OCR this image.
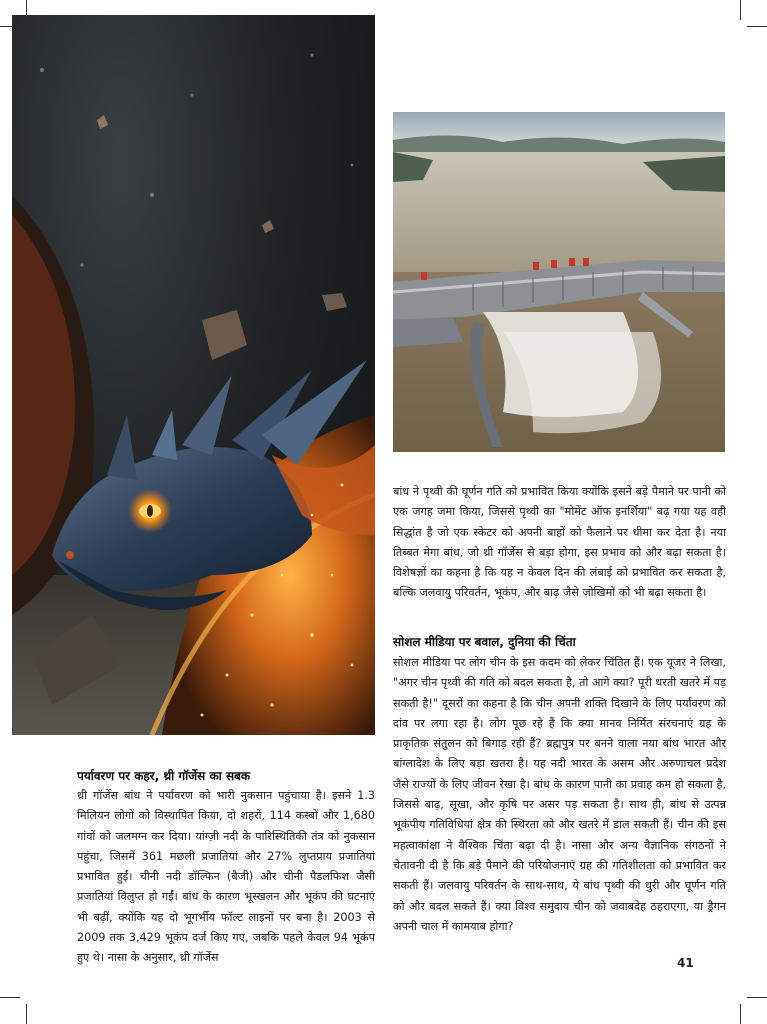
बांध ने पृथ्वी की घूर्णन गति को प्रभावित किया क्योंकि इसने बड़े पैमाने पर पानी को एक जगह जमा किया, जिससे पृथ्वी का "मोमेंट ऑफ इनर्शिया" बढ़ गया यह वही सिद्धांत है जो एक स्केटर को अपनी बाहों को फैलाने पर धीमा कर देता है। नया तिब्बत मेगा बांध, जो थ्री गॉर्जेस से बड़ा होगा, इस प्रभाव को और बढ़ा सकता है। विशेषज्ञों का कहना है कि यह न केवल दिन की लंबाई को प्रभावित कर सकता है, बल्कि जलवायु परिवर्तन, भूकंप, और बाढ़ जैसे जोखिमों को भी बढ़ा सकता है।

सोशल मीडिया पर बवाल, दुनिया की चिंता

सोशल मीडिया पर लोग चीन के इस कदम को लेकर चिंतित हैं। एक यूजर ने लिखा, "अगर चीन पृथ्वी की गति को बदल सकता है, तो आगे क्या? पूरी धरती खतरे में पड़ सकती है!" दूसरों का कहना है कि चीन अपनी शक्ति दिखाने के लिए पर्यावरण को दांव पर लगा रहा है। लोग पूछ रहे हैं कि क्या मानव निर्मित संरचनाएं ग्रह के प्राकृतिक संतुलन को बिगाड़ रही हैं? ब्रह्मपुत्र पर बनने वाला नया बांध भारत और बांग्लादेश के लिए बड़ा खतरा है। यह नदी भारत के असम और अरुणाचल प्रदेश जैसे राज्यों के लिए जीवन रेखा है। बांध के कारण पानी का प्रवाह कम हो सकता है, जिससे बाढ़, सूखा, और कृषि पर असर पड़ सकता है। साथ ही, बांध से उत्पन्न भूकंपीय गतिविधियां क्षेत्र की स्थिरता को और खतरे में डाल सकती हैं। चीन की इस महत्वाकांक्षा ने वैश्विक चिंता बढ़ा दी है। नासा और अन्य वैज्ञानिक संगठनों ने चेतावनी दी है कि बड़े पैमाने की परियोजनाएं ग्रह की गतिशीलता को प्रभावित कर सकती हैं। जलवायु परिवर्तन के साथ-साथ, ये बांध पृथ्वी की धुरी और घूर्णन गति को और बदल सकते हैं। क्या विश्व समुदाय चीन को जवाबदेह ठहराएगा, या ड्रैगन अपनी चाल में कामयाब होगा?

पर्यावरण पर कहर, थ्री गॉर्जेस का सबक

थ्री गॉर्जेस बांध ने पर्यावरण को भारी नुकसान पहुंचाया है। इसने 1.3 मिलियन लोगों को विस्थापित किया, दो शहरों, 114 कस्बों और 1,680 गांवों को जलमग्न कर दिया। यांग्ज़ी नदी के पारिस्थितिकी तंत्र को नुकसान पहुंचा, जिसमें 361 मछली प्रजातियां और 27% लुप्तप्राय प्रजातियां प्रभावित हुईं। चीनी नदी डॉल्फिन (बैजी) और चीनी पैडलफिश जैसी प्रजातियां विलुप्त हो गईं। बांध के कारण भूस्खलन और भूकंप की घटनाएं भी बढ़ीं, क्योंकि यह दो भूगर्भीय फॉल्ट लाइनों पर बना है। 2003 से 2009 तक 3,429 भूकंप दर्ज किए गए, जबकि पहले केवल 94 भूकंप हुए थे। नासा के अनुसार, थ्री गॉर्जेस	41
